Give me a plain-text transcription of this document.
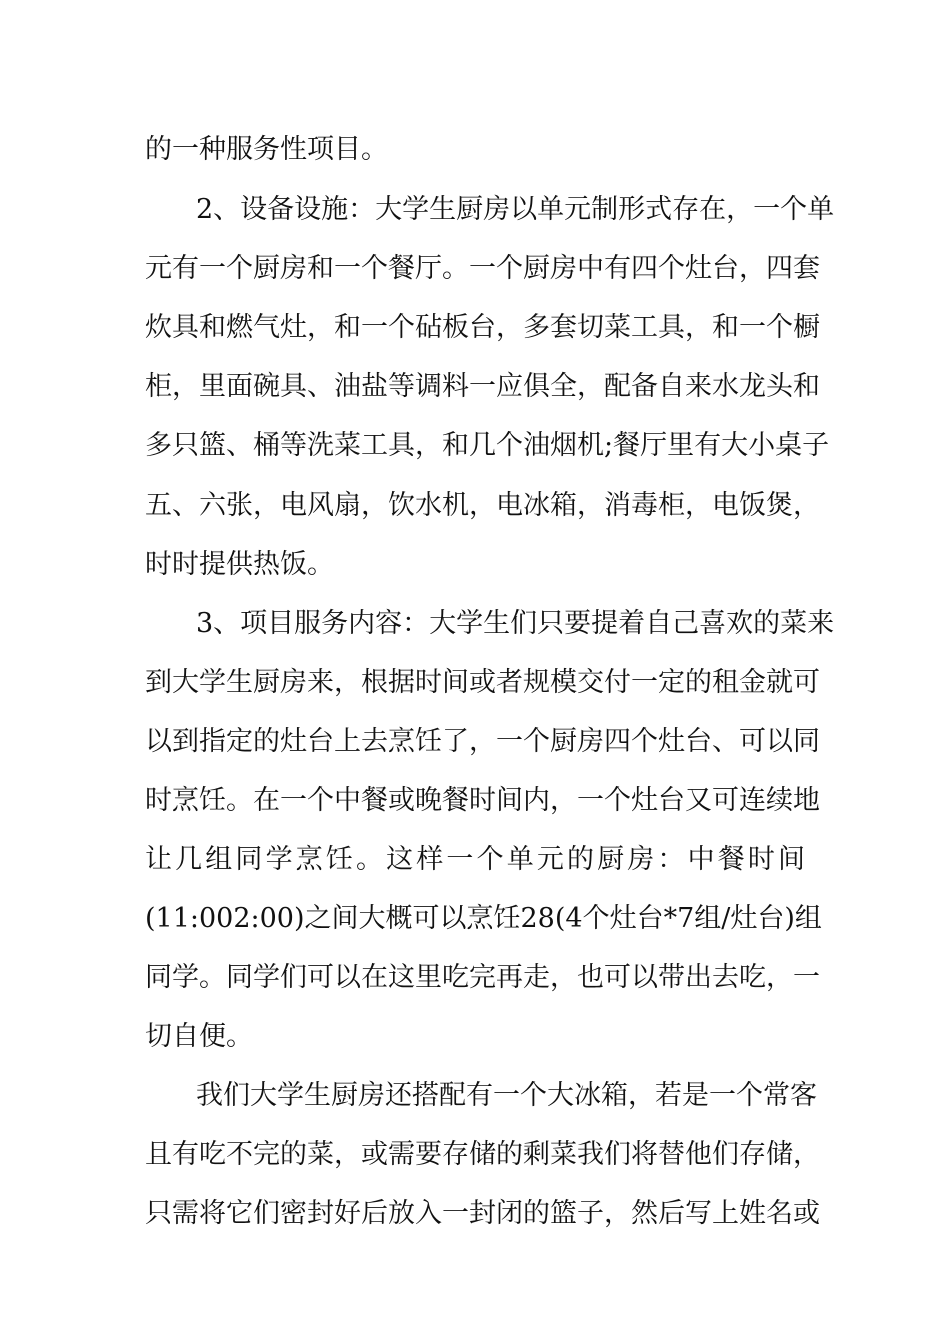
的一种服务性项目。
2、设备设施：大学生厨房以单元制形式存在，一个单
元有一个厨房和一个餐厅。一个厨房中有四个灶台，四套
炊具和燃气灶，和一个砧板台，多套切菜工具，和一个橱
柜，里面碗具、油盐等调料一应俱全，配备自来水龙头和
多只篮、桶等洗菜工具，和几个油烟机;餐厅里有大小桌子
五、六张，电风扇，饮水机，电冰箱，消毒柜，电饭煲，
时时提供热饭。
3、项目服务内容：大学生们只要提着自己喜欢的菜来
到大学生厨房来，根据时间或者规模交付一定的租金就可
以到指定的灶台上去烹饪了，一个厨房四个灶台、可以同
时烹饪。在一个中餐或晚餐时间内，一个灶台又可连续地
让几组同学烹饪。这样一个单元的厨房：中餐时间
(11:002:00)之间大概可以烹饪28(4个灶台*7组/灶台)组
同学。同学们可以在这里吃完再走，也可以带出去吃，一
切自便。
我们大学生厨房还搭配有一个大冰箱，若是一个常客
且有吃不完的菜，或需要存储的剩菜我们将替他们存储，
只需将它们密封好后放入一封闭的篮子，然后写上姓名或
